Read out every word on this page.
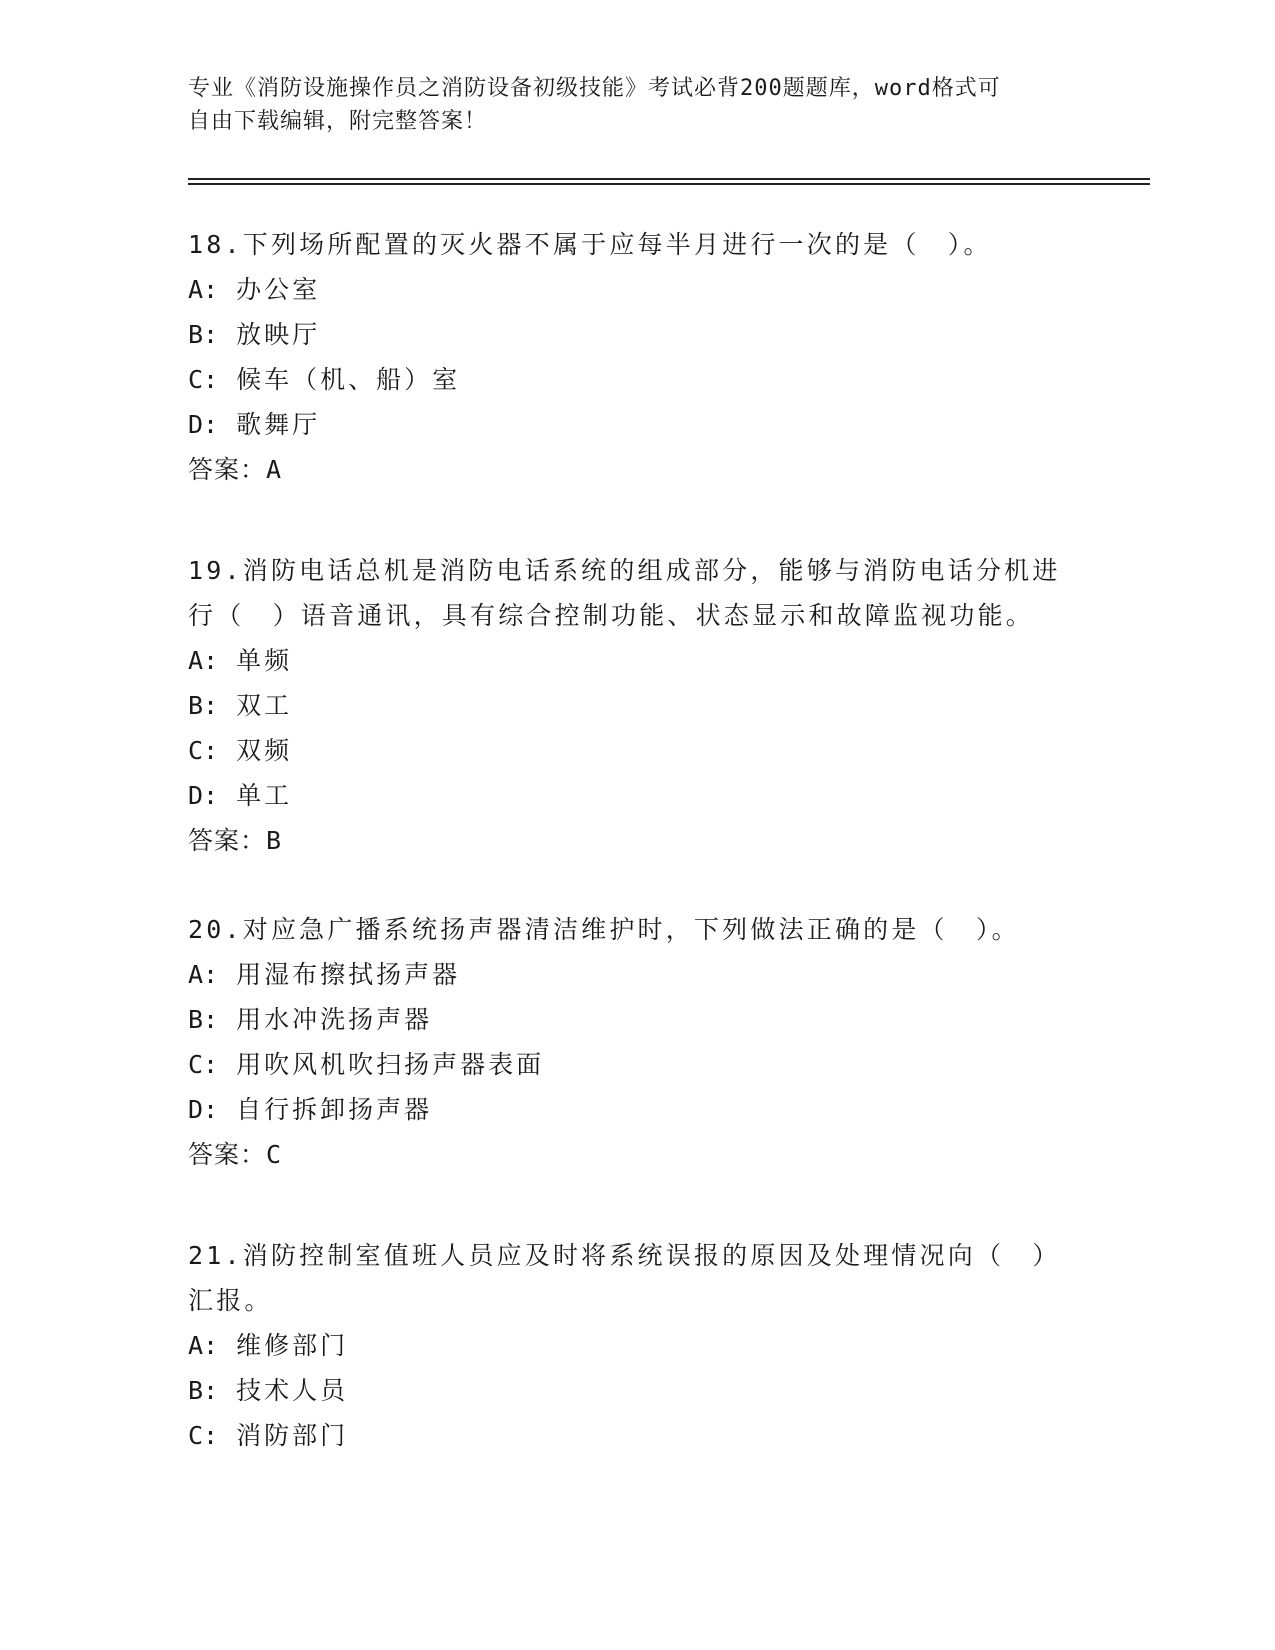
专业《消防设施操作员之消防设备初级技能》考试必背200题题库，word格式可
自由下载编辑，附完整答案！
18.下列场所配置的灭火器不属于应每半月进行一次的是（　）。
A: 办公室
B: 放映厅
C: 候车（机、船）室
D: 歌舞厅
答案：A
19.消防电话总机是消防电话系统的组成部分，能够与消防电话分机进
行（　）语音通讯，具有综合控制功能、状态显示和故障监视功能。
A: 单频
B: 双工
C: 双频
D: 单工
答案：B
20.对应急广播系统扬声器清洁维护时，下列做法正确的是（　）。
A: 用湿布擦拭扬声器
B: 用水冲洗扬声器
C: 用吹风机吹扫扬声器表面
D: 自行拆卸扬声器
答案：C
21.消防控制室值班人员应及时将系统误报的原因及处理情况向（　）
汇报。
A: 维修部门
B: 技术人员
C: 消防部门
